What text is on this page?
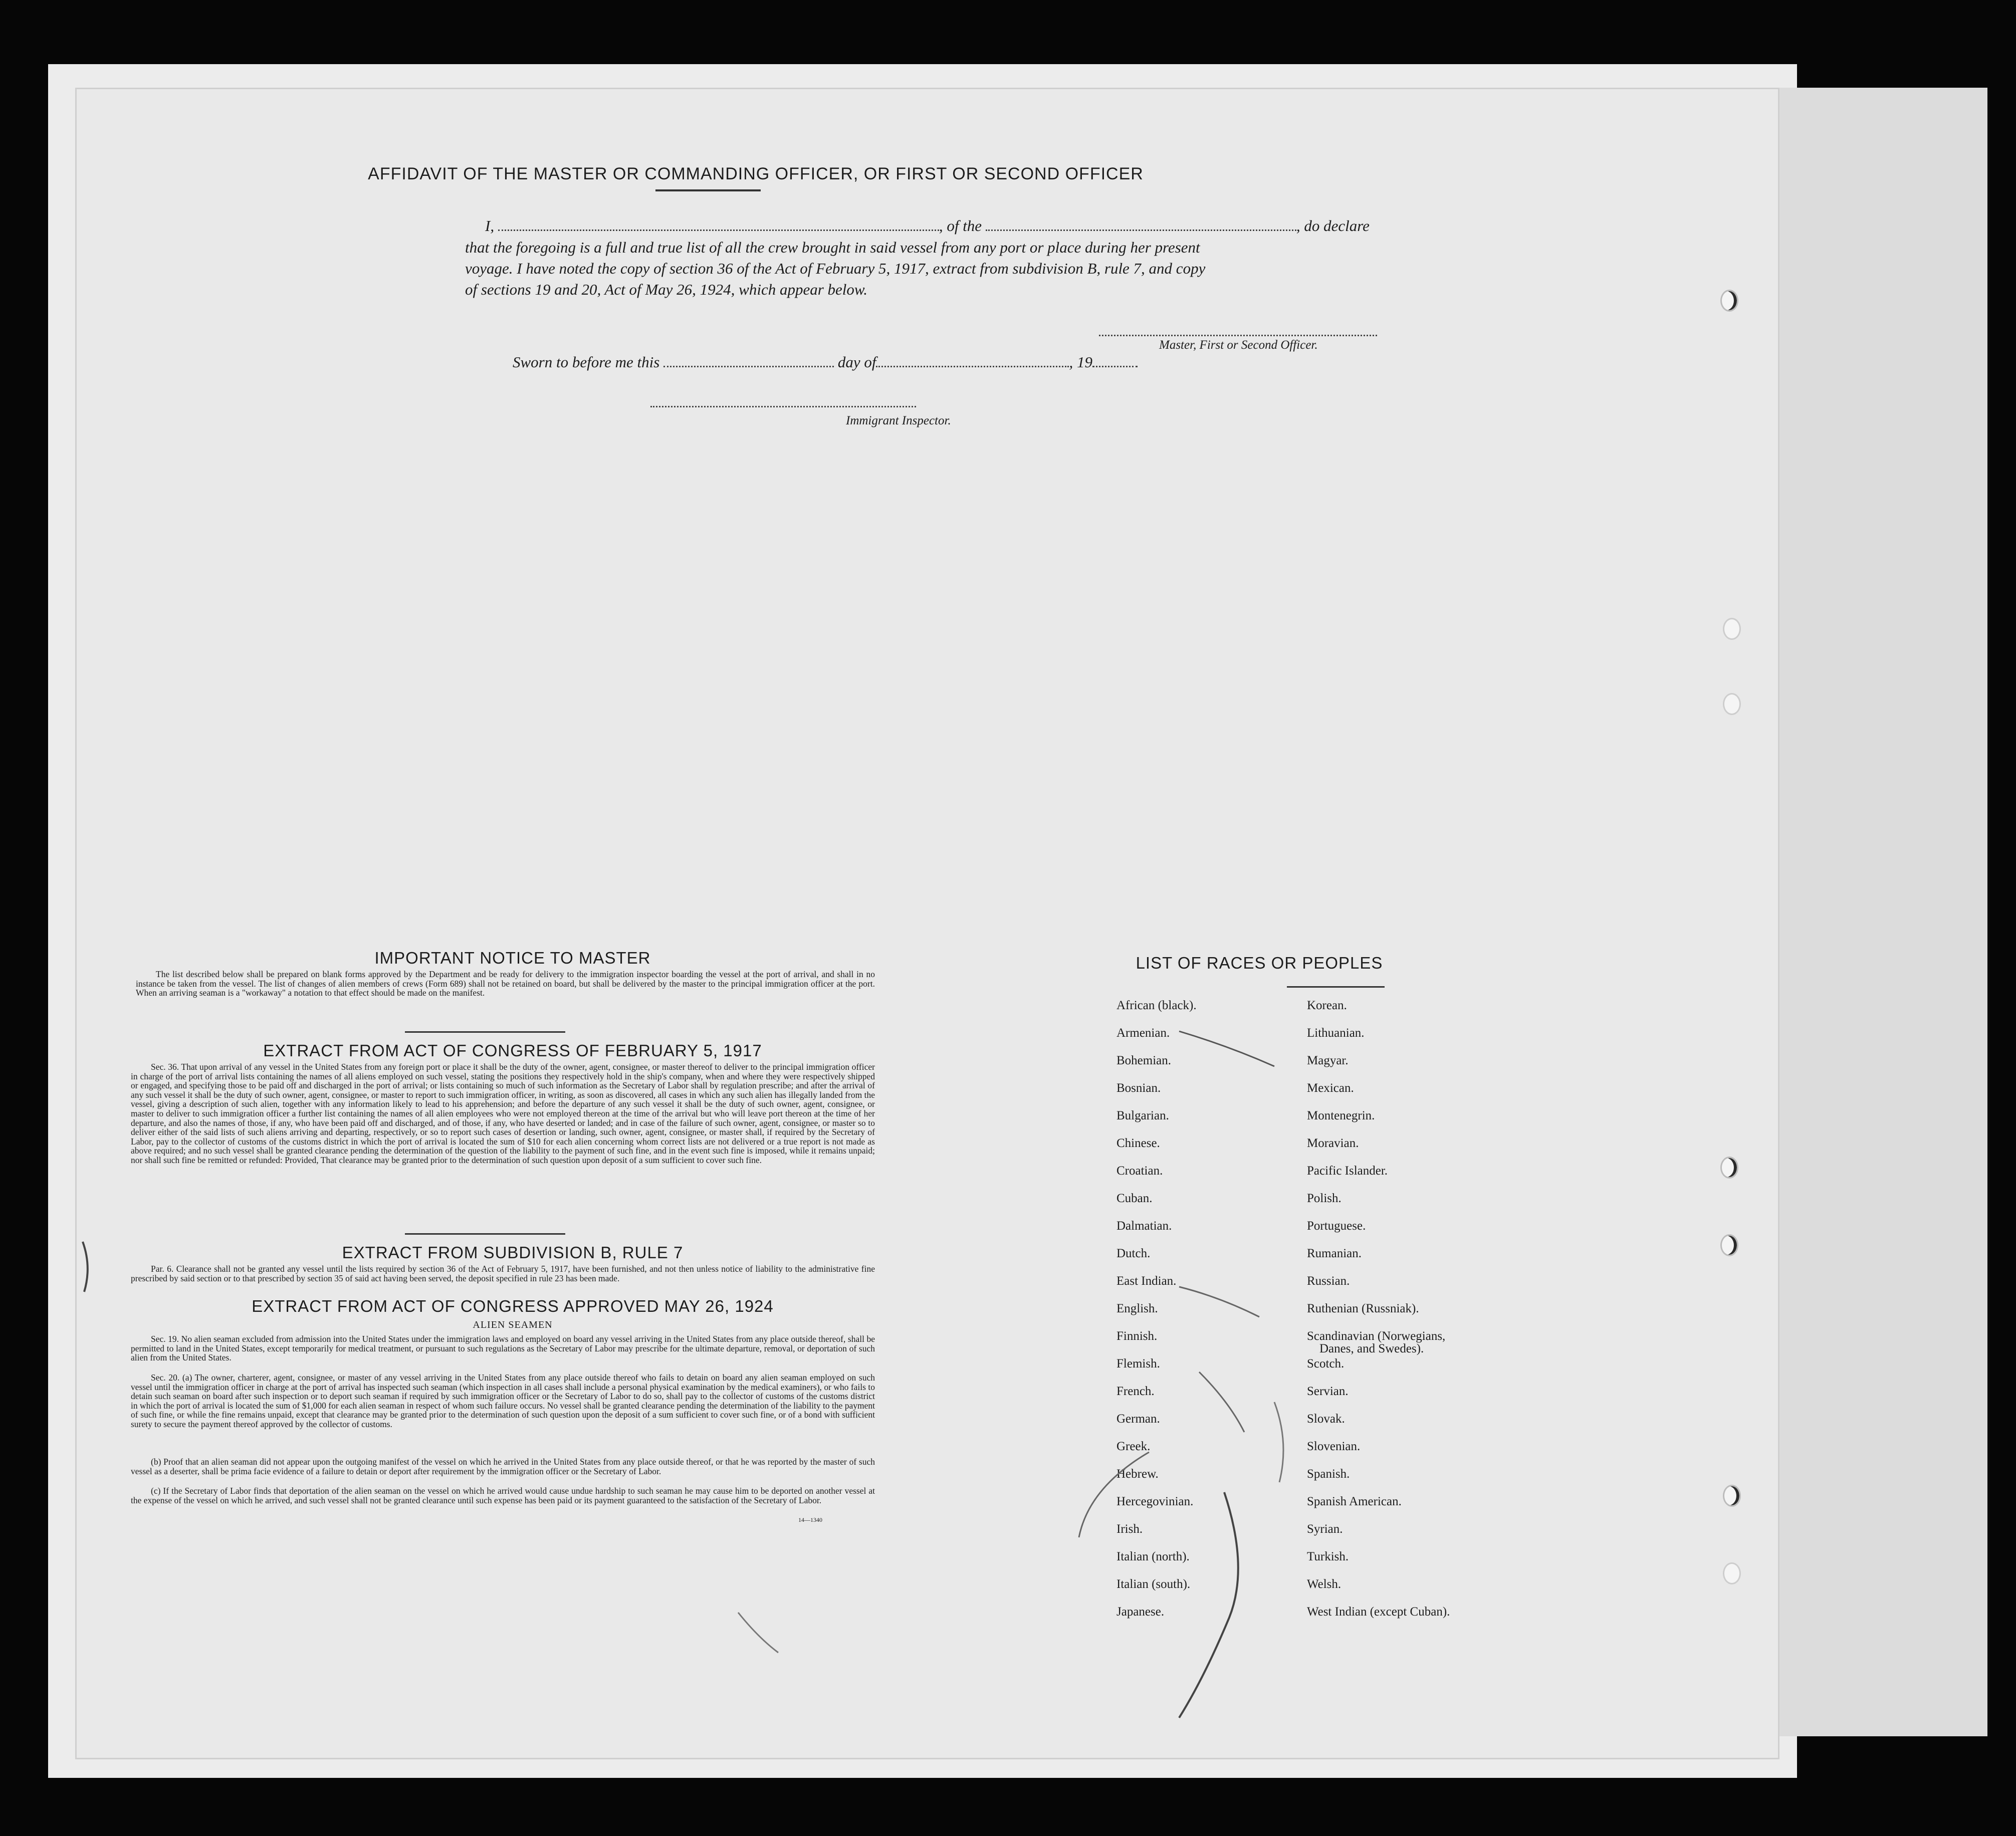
AFFIDAVIT OF THE MASTER OR COMMANDING OFFICER, OR FIRST OR SECOND OFFICER
I,	, of the	, do declare
that the foregoing is a full and true list of all the crew brought in said vessel from any port or place during her present
voyage. I have noted the copy of section 36 of the Act of February 5, 1917, extract from subdivision B, rule 7, and copy
of sections 19 and 20, Act of May 26, 1924, which appear below.
Master, First or Second Officer.
Sworn to before me this	day of	, 19
Immigrant Inspector.
IMPORTANT NOTICE TO MASTER
The list described below shall be prepared on blank forms approved by the Department and be ready for delivery to the immigration inspector boarding the vessel at the port of arrival, and shall in no instance be taken from the vessel. The list of changes of alien members of crews (Form 689) shall not be retained on board, but shall be delivered by the master to the principal immigration officer at the port. When an arriving seaman is a "workaway" a notation to that effect should be made on the manifest.
EXTRACT FROM ACT OF CONGRESS OF FEBRUARY 5, 1917
Sec. 36. That upon arrival of any vessel in the United States from any foreign port or place it shall be the duty of the owner, agent, consignee, or master thereof to deliver to the principal immigration officer in charge of the port of arrival lists containing the names of all aliens employed on such vessel, stating the positions they respectively hold in the ship's company, when and where they were respectively shipped or engaged, and specifying those to be paid off and discharged in the port of arrival; or lists containing so much of such information as the Secretary of Labor shall by regulation prescribe; and after the arrival of any such vessel it shall be the duty of such owner, agent, consignee, or master to report to such immigration officer, in writing, as soon as discovered, all cases in which any such alien has illegally landed from the vessel, giving a description of such alien, together with any information likely to lead to his apprehension; and before the departure of any such vessel it shall be the duty of such owner, agent, consignee, or master to deliver to such immigration officer a further list containing the names of all alien employees who were not employed thereon at the time of the arrival but who will leave port thereon at the time of her departure, and also the names of those, if any, who have been paid off and discharged, and of those, if any, who have deserted or landed; and in case of the failure of such owner, agent, consignee, or master so to deliver either of the said lists of such aliens arriving and departing, respectively, or so to report such cases of desertion or landing, such owner, agent, consignee, or master shall, if required by the Secretary of Labor, pay to the collector of customs of the customs district in which the port of arrival is located the sum of $10 for each alien concerning whom correct lists are not delivered or a true report is not made as above required; and no such vessel shall be granted clearance pending the determination of the question of the liability to the payment of such fine, and in the event such fine is imposed, while it remains unpaid; nor shall such fine be remitted or refunded: Provided, That clearance may be granted prior to the determination of such question upon deposit of a sum sufficient to cover such fine.
EXTRACT FROM SUBDIVISION B, RULE 7
Par. 6. Clearance shall not be granted any vessel until the lists required by section 36 of the Act of February 5, 1917, have been furnished, and not then unless notice of liability to the administrative fine prescribed by said section or to that prescribed by section 35 of said act having been served, the deposit specified in rule 23 has been made.
EXTRACT FROM ACT OF CONGRESS APPROVED MAY 26, 1924
ALIEN SEAMEN
Sec. 19. No alien seaman excluded from admission into the United States under the immigration laws and employed on board any vessel arriving in the United States from any place outside thereof, shall be permitted to land in the United States, except temporarily for medical treatment, or pursuant to such regulations as the Secretary of Labor may prescribe for the ultimate departure, removal, or deportation of such alien from the United States.
Sec. 20. (a) The owner, charterer, agent, consignee, or master of any vessel arriving in the United States from any place outside thereof who fails to detain on board any alien seaman employed on such vessel until the immigration officer in charge at the port of arrival has inspected such seaman (which inspection in all cases shall include a personal physical examination by the medical examiners), or who fails to detain such seaman on board after such inspection or to deport such seaman if required by such immigration officer or the Secretary of Labor to do so, shall pay to the collector of customs of the customs district in which the port of arrival is located the sum of $1,000 for each alien seaman in respect of whom such failure occurs. No vessel shall be granted clearance pending the determination of the liability to the payment of such fine, or while the fine remains unpaid, except that clearance may be granted prior to the determination of such question upon the deposit of a sum sufficient to cover such fine, or of a bond with sufficient surety to secure the payment thereof approved by the collector of customs.
(b) Proof that an alien seaman did not appear upon the outgoing manifest of the vessel on which he arrived in the United States from any place outside thereof, or that he was reported by the master of such vessel as a deserter, shall be prima facie evidence of a failure to detain or deport after requirement by the immigration officer or the Secretary of Labor.
(c) If the Secretary of Labor finds that deportation of the alien seaman on the vessel on which he arrived would cause undue hardship to such seaman he may cause him to be deported on another vessel at the expense of the vessel on which he arrived, and such vessel shall not be granted clearance until such expense has been paid or its payment guaranteed to the satisfaction of the Secretary of Labor.
14—1340
LIST OF RACES OR PEOPLES
African (black).
Armenian.
Bohemian.
Bosnian.
Bulgarian.
Chinese.
Croatian.
Cuban.
Dalmatian.
Dutch.
East Indian.
English.
Finnish.
Flemish.
French.
German.
Greek.
Hebrew.
Hercegovinian.
Irish.
Italian (north).
Italian (south).
Japanese.
Korean.
Lithuanian.
Magyar.
Mexican.
Montenegrin.
Moravian.
Pacific Islander.
Polish.
Portuguese.
Rumanian.
Russian.
Ruthenian (Russniak).
Scandinavian (Norwegians,
Danes, and Swedes).
Scotch.
Servian.
Slovak.
Slovenian.
Spanish.
Spanish American.
Syrian.
Turkish.
Welsh.
West Indian (except Cuban).
